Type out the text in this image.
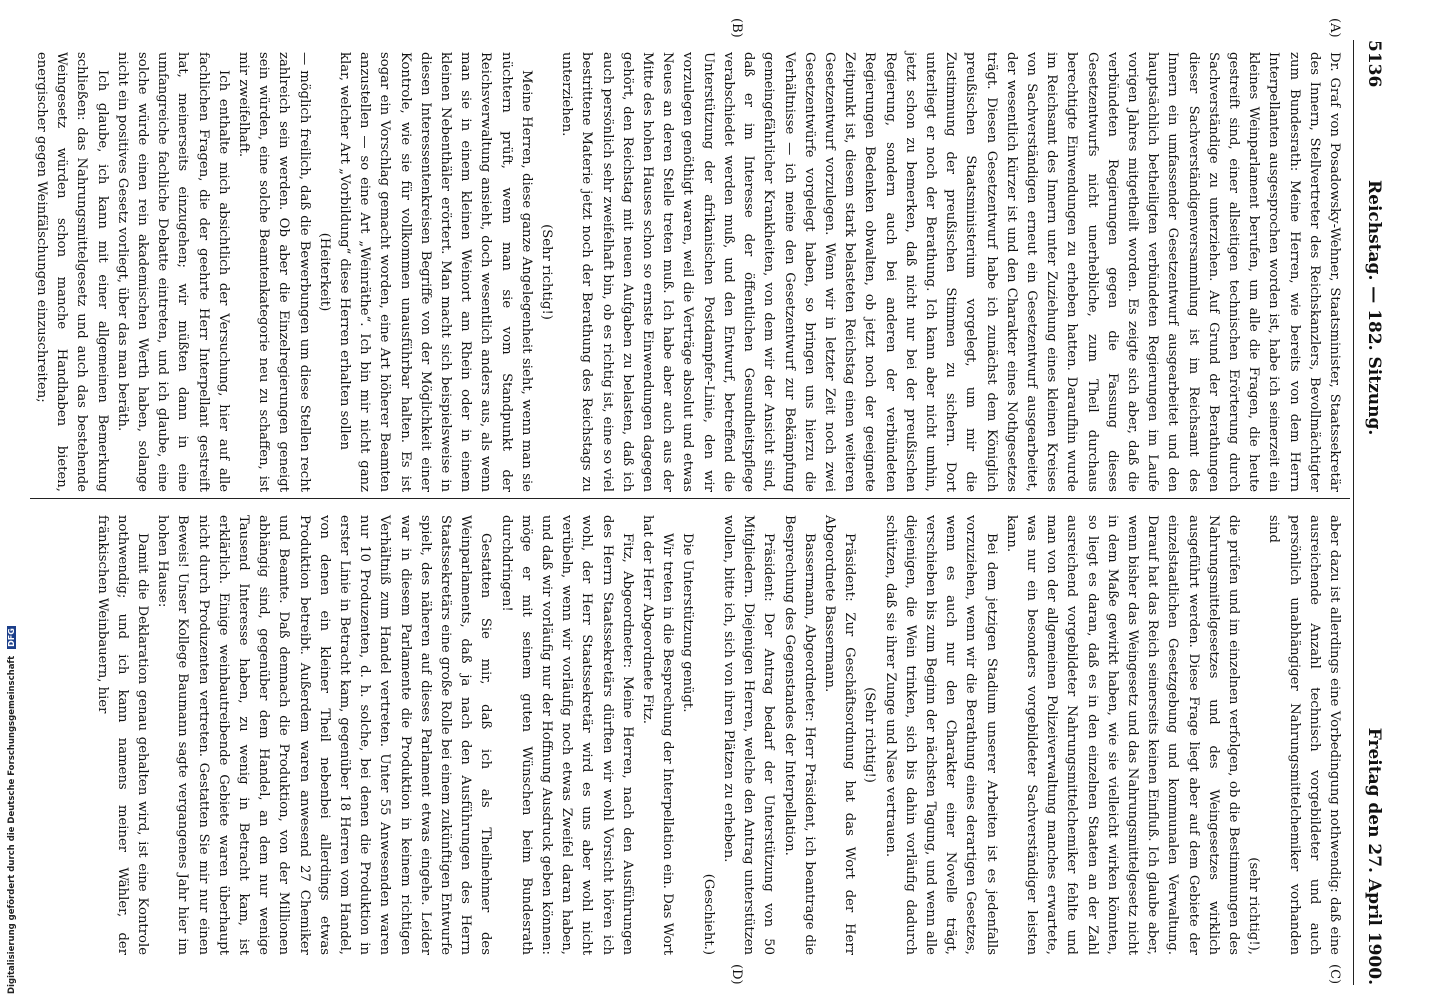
5136
Reichstag. — 182. Sitzung.
Freitag den 27. April 1900.
(A)
(B)
(C)
(D)

Dr. Graf von Posadowsky-Wehner, Staatsminister, Staatssekretär des Innern, Stellvertreter des Reichskanzlers, Bevollmächtigter zum Bundesrath: Meine Herren, wie bereits von dem Herrn Interpellanten ausgesprochen worden ist, habe ich seinerzeit ein kleines Weinparlament berufen, um alle die Fragen, die heute gestreift sind, einer allseitigen technischen Erörterung durch Sachverständige zu unterziehen. Auf Grund der Berathungen dieser Sachverständigenversammlung ist im Reichsamt des Innern ein umfassender Gesetzentwurf ausgearbeitet und den hauptsächlich betheiligten verbündeten Regierungen im Laufe vorigen Jahres mitgetheilt worden. Es zeigte sich aber, daß die verbündeten Regierungen gegen die Fassung dieses Gesetzentwurfs nicht unerhebliche, zum Theil durchaus berechtigte Einwendungen zu erheben hatten. Daraufhin wurde im Reichsamt des Innern unter Zuziehung eines kleinen Kreises von Sachverständigen erneut ein Gesetzentwurf ausgearbeitet, der wesentlich kürzer ist und den Charakter eines Nothgesetzes trägt. Diesen Gesetzentwurf habe ich zunächst dem Königlich preußischen Staatsministerium vorgelegt, um mir die Zustimmung der preußischen Stimmen zu sichern. Dort unterliegt er noch der Berathung. Ich kann aber nicht umhin, jetzt schon zu bemerken, daß nicht nur bei der preußischen Regierung, sondern auch bei anderen der verbündeten Regierungen Bedenken obwalten, ob jetzt noch der geeignete Zeitpunkt ist, diesem stark belasteten Reichstag einen weiteren Gesetzentwurf vorzulegen. Wenn wir in letzter Zeit noch zwei Gesetzentwürfe vorgelegt haben, so bringen uns hierzu die Verhältnisse — ich meine den Gesetzentwurf zur Bekämpfung gemeingefährlicher Krankheiten, von dem wir der Ansicht sind, daß er im Interesse der öffentlichen Gesundheitspflege verabschiedet werden muß, und den Entwurf, betreffend die Unterstützung der afrikanischen Postdampfer-Linie, den wir vorzulegen genöthigt waren, weil die Verträge absolut und etwas Neues an deren Stelle treten muß. Ich habe aber auch aus der Mitte des hohen Hauses schon so ernste Einwendungen dagegen gehört, den Reichstag mit neuen Aufgaben zu belasten, daß ich auch persönlich sehr zweifelhaft bin, ob es richtig ist, eine so viel bestrittene Materie jetzt noch der Berathung des Reichstags zu unterziehen.

(Sehr richtig!)

Meine Herren, diese ganze Angelegenheit sieht, wenn man sie nüchtern prüft, wenn man sie vom Standpunkt der Reichsverwaltung ansieht, doch wesentlich anders aus, als wenn man sie in einem kleinen Weinort am Rhein oder in einem kleinen Nebenthäler erörtert. Man macht sich beispielsweise in diesen Interessentenkreisen Begriffe von der Möglichkeit einer Kontrole, wie sie für vollkommen unausführbar halten. Es ist sogar ein Vorschlag gemacht worden, eine Art höherer Beamten anzustellen — so eine Art „Weinräthe“. Ich bin mir nicht ganz klar, welcher Art „Vorbildung“ diese Herren erhalten sollen

(Heiterkeit)

— möglich freilich, daß die Bewerbungen um diese Stellen recht zahlreich sein werden. Ob aber die Einzelregierungen geneigt sein würden, eine solche Beamtenkategorie neu zu schaffen, ist mir zweifelhaft.

Ich enthalte mich absichtlich der Versuchung, hier auf alle fachlichen Fragen, die der geehrte Herr Interpellant gestreift hat, meinerseits einzugehen; wir müßten dann in eine umfangreiche fachliche Debatte eintreten, und ich glaube, eine solche würde einen rein akademischen Werth haben, solange nicht ein positives Gesetz vorliegt, über das man beräth.

Ich glaube, ich kann mit einer allgemeinen Bemerkung schließen: das Nahrungsmittelgesetz und auch das bestehende Weingesetz würden schon manche Handhaben bieten, energischer gegen Weinfälschungen einzuschreiten;

aber dazu ist allerdings eine Vorbedingung nothwendig: daß eine ausreichende Anzahl technisch vorgebildeter und auch persönlich unabhängiger Nahrungsmittelchemiker vorhanden sind

(sehr richtig!),

die prüfen und im einzelnen verfolgen, ob die Bestimmungen des Nahrungsmittelgesetzes und des Weingesetzes wirklich ausgeführt werden. Diese Frage liegt aber auf dem Gebiete der einzelstaatlichen Gesetzgebung und kommunalen Verwaltung. Darauf hat das Reich seinerseits keinen Einfluß. Ich glaube aber, wenn bisher das Weingesetz und das Nahrungsmittelgesetz nicht in dem Maße gewirkt haben, wie sie vielleicht wirken könnten, so liegt es daran, daß es in den einzelnen Staaten an der Zahl ausreichend vorgebildeter Nahrungsmittelchemiker fehlte und man von der allgemeinen Polizeiverwaltung manches erwartete, was nur ein besonders vorgebildeter Sachverständiger leisten kann.

Bei dem jetzigen Stadium unserer Arbeiten ist es jedenfalls vorzuziehen, wenn wir die Berathung eines derartigen Gesetzes, wenn es auch nur den Charakter einer Novelle trägt, verschieben bis zum Beginn der nächsten Tagung, und wenn alle diejenigen, die Wein trinken, sich bis dahin vorläufig dadurch schützen, daß sie ihrer Zunge und Nase vertrauen.

(Sehr richtig!)

Präsident: Zur Geschäftsordnung hat das Wort der Herr Abgeordnete Bassermann.

Bassermann, Abgeordneter: Herr Präsident, ich beantrage die Besprechung des Gegenstandes der Interpellation.

Präsident: Der Antrag bedarf der Unterstützung von 50 Mitgliedern. Diejenigen Herren, welche den Antrag unterstützen wollen, bitte ich, sich von ihren Plätzen zu erheben.

(Geschieht.)

Die Unterstützung genügt.

Wir treten in die Besprechung der Interpellation ein. Das Wort hat der Herr Abgeordnete Fitz.

Fitz, Abgeordneter: Meine Herren, nach den Ausführungen des Herrn Staatssekretärs dürften wir wohl Vorsicht hören ich wohl, der Herr Staatssekretär wird es uns aber wohl nicht verübeln, wenn wir vorläufig noch etwas Zweifel daran haben, und daß wir vorläufig nur der Hoffnung Ausdruck geben können: möge er mit seinem guten Wünschen beim Bundesrath durchdringen!

Gestatten Sie mir, daß ich als Theilnehmer des Weinparlaments, daß ja nach den Ausführungen des Herrn Staatssekretärs eine große Rolle bei einem zukünftigen Entwurfe spielt, des näheren auf dieses Parlament etwas eingehe. Leider war in diesem Parlamente die Produktion in keinem richtigen Verhältniß zum Handel vertreten. Unter 55 Anwesenden waren nur 10 Produzenten, d. h. solche, bei denen die Produktion in erster Linie in Betracht kam, gegenüber 18 Herren vom Handel, von denen ein kleiner Theil nebenbei allerdings etwas Produktion betreibt. Außerdem waren anwesend 27 Chemiker und Beamte. Daß demnach die Produktion, von der Millionen abhängig sind, gegenüber dem Handel, an dem nur wenige Tausend Interesse haben, zu wenig in Betracht kam, ist erklärlich. Einige weinbautreibende Gebiete waren überhaupt nicht durch Produzenten vertreten. Gestatten Sie mir nur einen Beweis! Unser Kollege Baumann sagte vergangenes Jahr hier im hohen Hause:

Damit die Deklaration genau gehalten wird, ist eine Kontrole nothwendig; und ich kann namens meiner Wähler, der fränkischen Weinbauern, hier

Digitalisierung gefördert durch die Deutsche Forschungsgemeinschaft DFG
